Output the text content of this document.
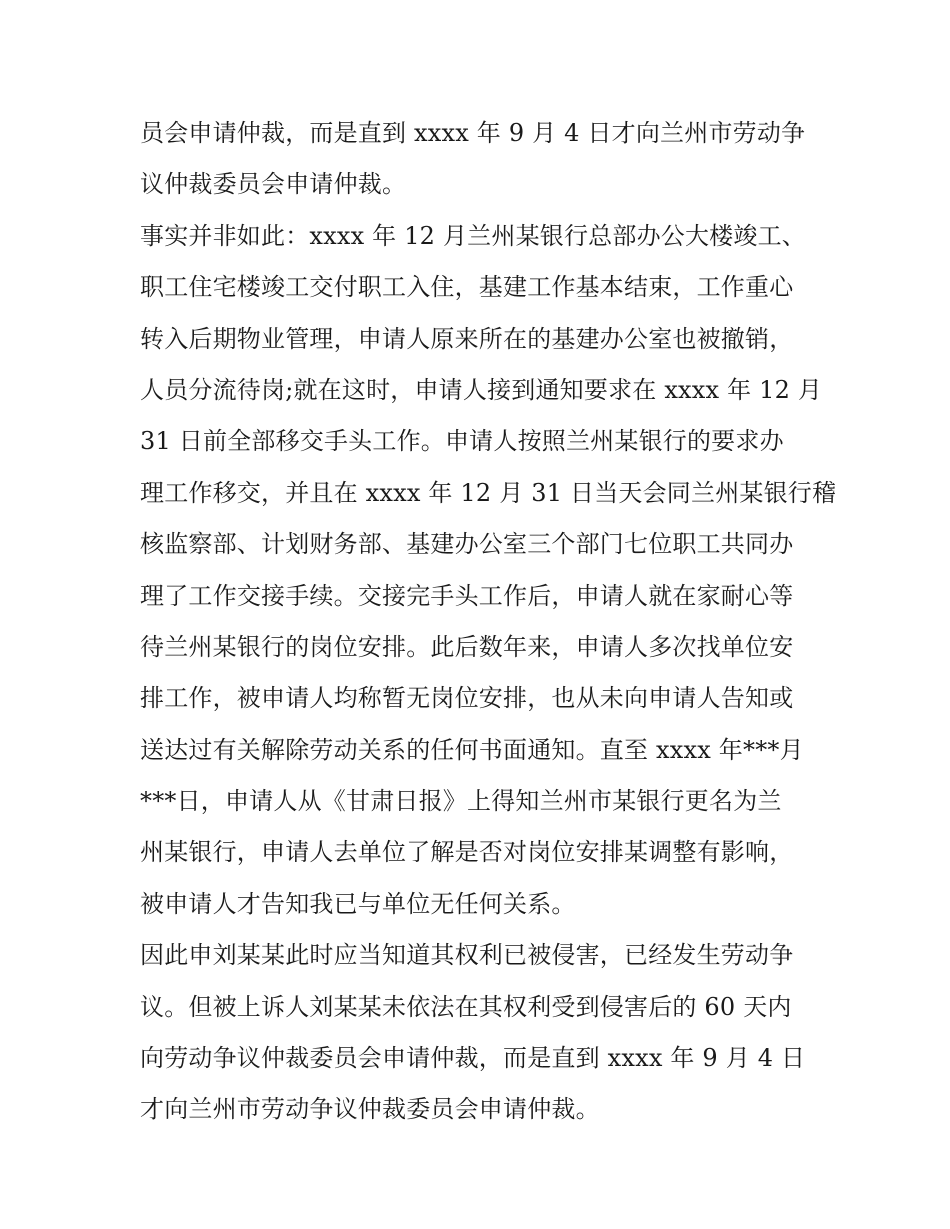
员会申请仲裁，而是直到 xxxx 年 9 月 4 日才向兰州市劳动争
议仲裁委员会申请仲裁。
事实并非如此：xxxx 年 12 月兰州某银行总部办公大楼竣工、
职工住宅楼竣工交付职工入住，基建工作基本结束，工作重心
转入后期物业管理，申请人原来所在的基建办公室也被撤销，
人员分流待岗;就在这时，申请人接到通知要求在 xxxx 年 12 月
31 日前全部移交手头工作。申请人按照兰州某银行的要求办
理工作移交，并且在 xxxx 年 12 月 31 日当天会同兰州某银行稽
核监察部、计划财务部、基建办公室三个部门七位职工共同办
理了工作交接手续。交接完手头工作后，申请人就在家耐心等
待兰州某银行的岗位安排。此后数年来，申请人多次找单位安
排工作，被申请人均称暂无岗位安排，也从未向申请人告知或
送达过有关解除劳动关系的任何书面通知。直至 xxxx 年***月
***日，申请人从《甘肃日报》上得知兰州市某银行更名为兰
州某银行，申请人去单位了解是否对岗位安排某调整有影响，
被申请人才告知我已与单位无任何关系。
因此申刘某某此时应当知道其权利已被侵害，已经发生劳动争
议。但被上诉人刘某某未依法在其权利受到侵害后的 60 天内
向劳动争议仲裁委员会申请仲裁，而是直到 xxxx 年 9 月 4 日
才向兰州市劳动争议仲裁委员会申请仲裁。
